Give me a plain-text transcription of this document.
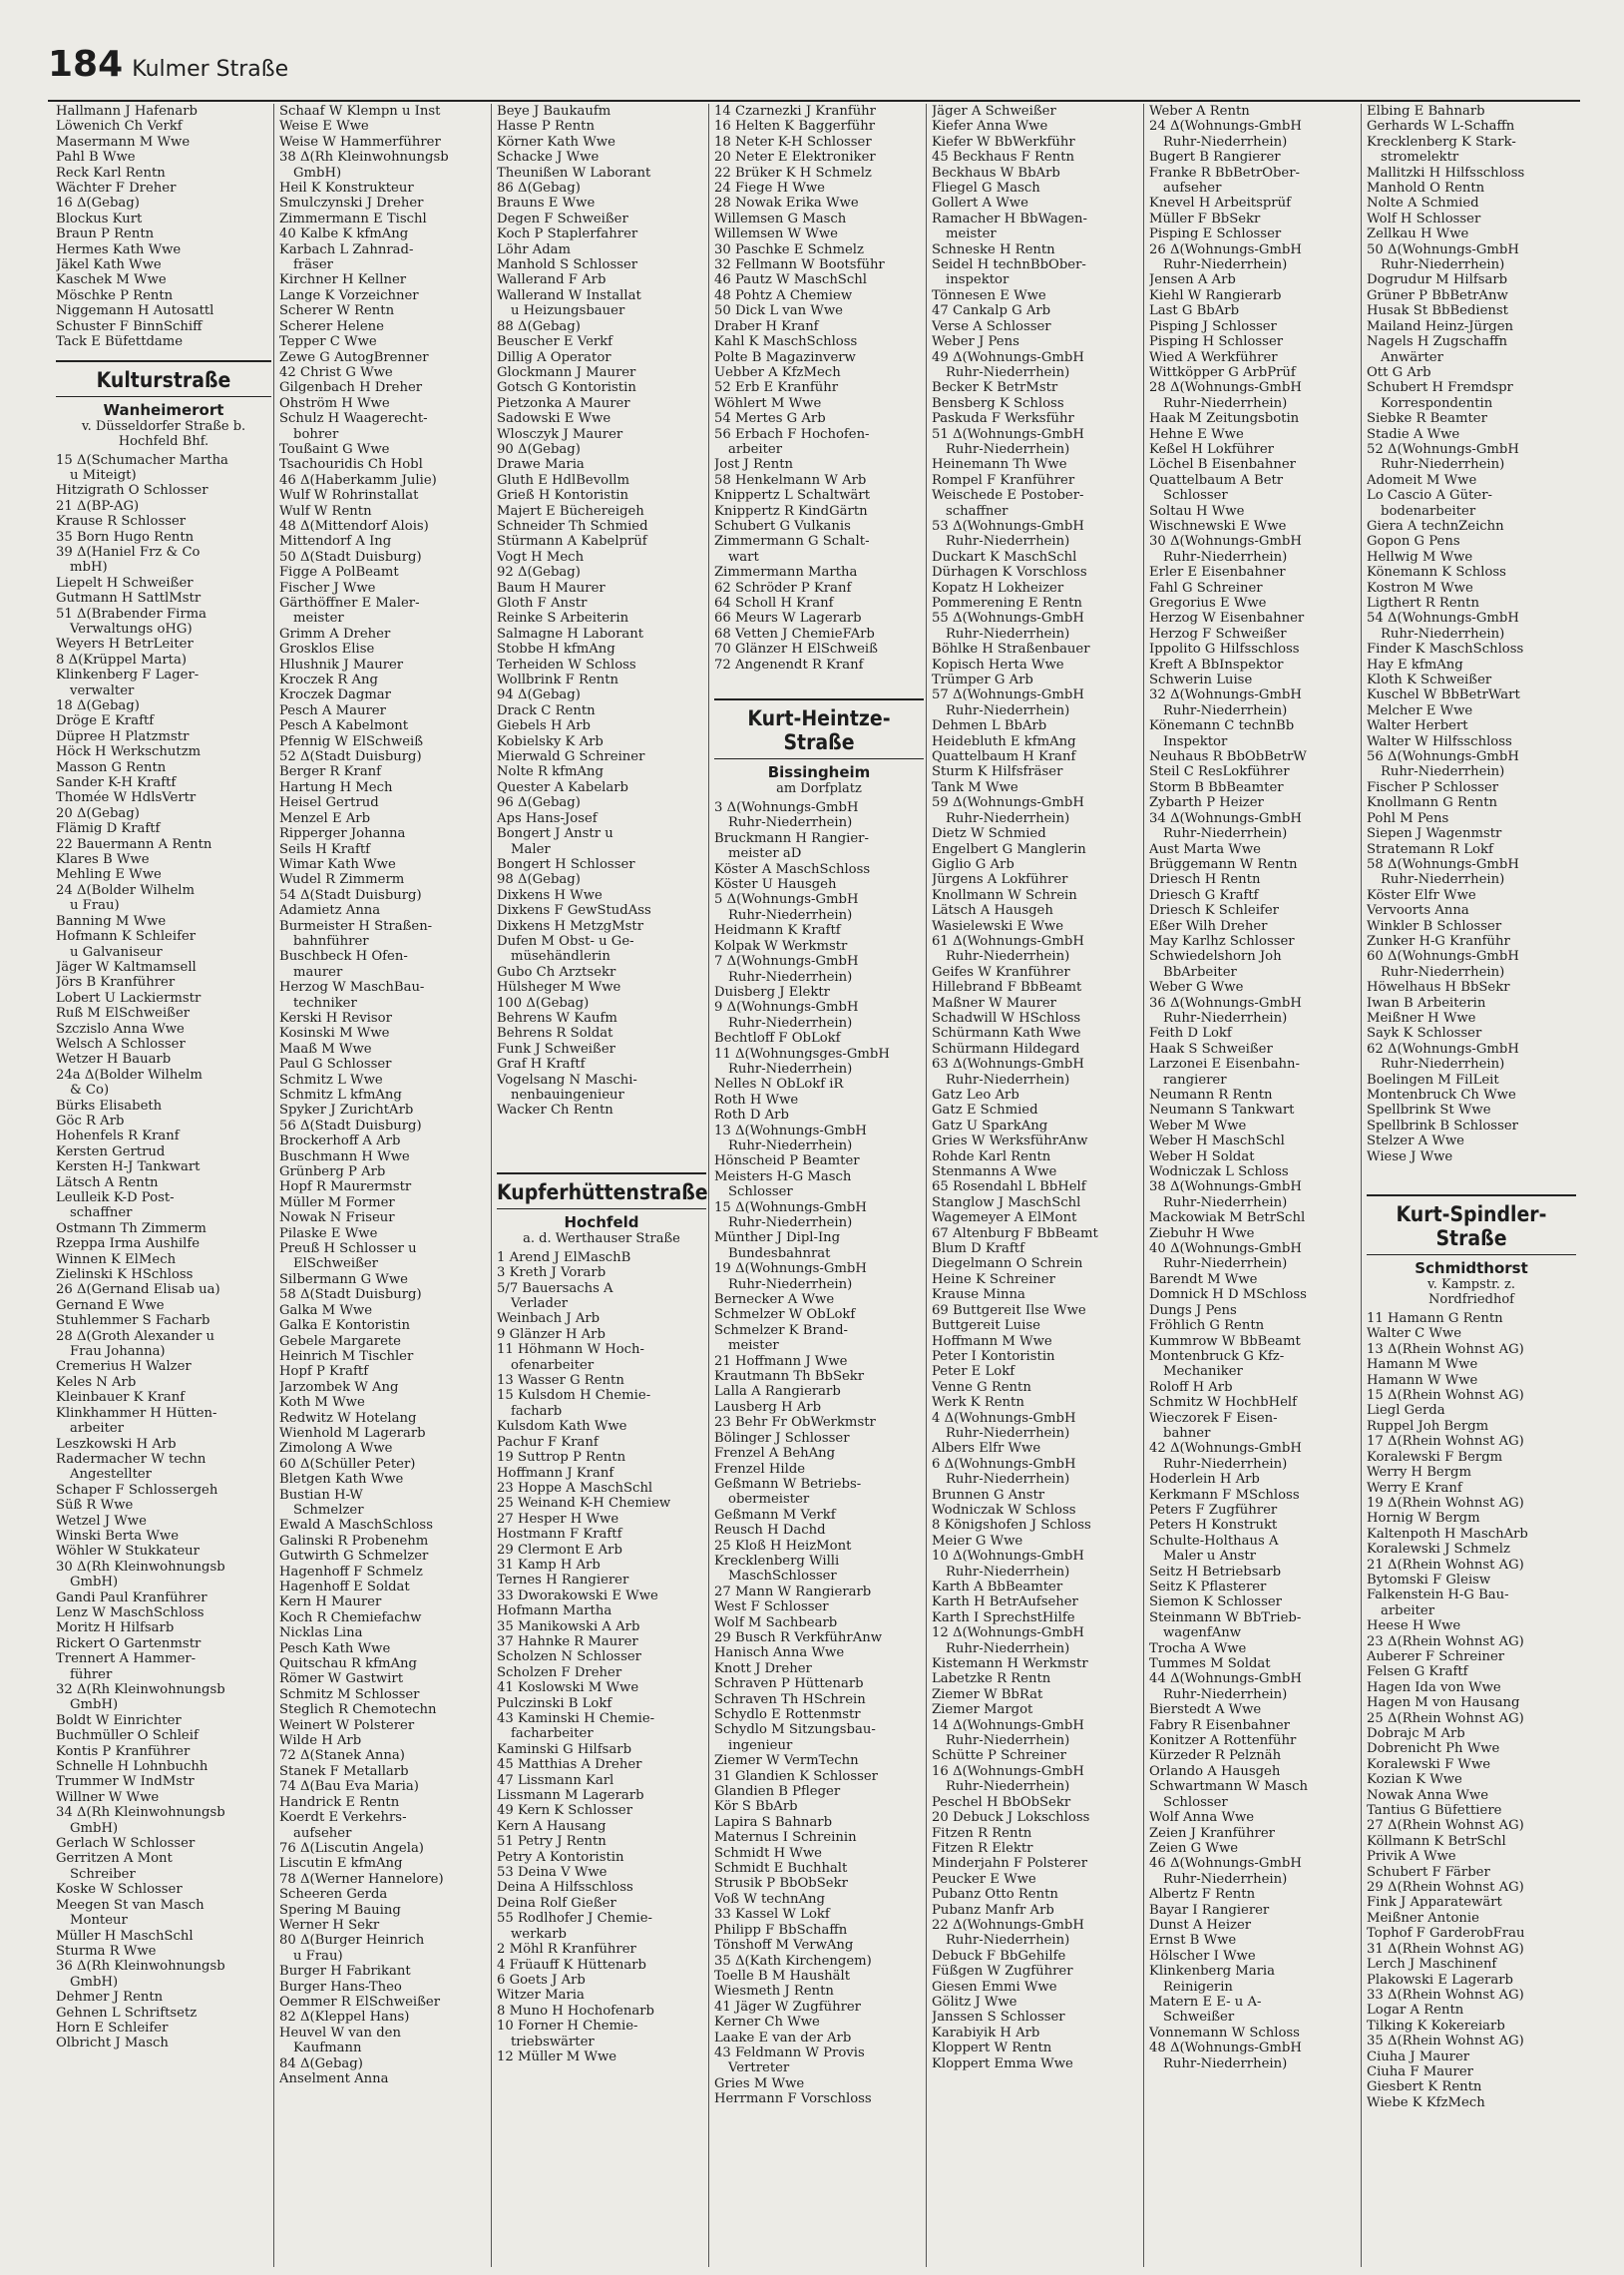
184 Kulmer Straße
Hallmann J Hafenarb
Löwenich Ch Verkf
Masermann M Wwe
Pahl B Wwe
Reck Karl Rentn
Wächter F Dreher
16 Δ(Gebag)
Blockus Kurt
Braun P Rentn
Hermes Kath Wwe
Jäkel Kath Wwe
Kaschek M Wwe
Möschke P Rentn
Niggemann H Autosattl
Schuster F BinnSchiff
Tack E Büfettdame
Kulturstraße
Wanheimerort
v. Düsseldorfer Straße b.
Hochfeld Bhf.
15 Δ(Schumacher Martha
u Miteigt)
Hitzigrath O Schlosser
21 Δ(BP-AG)
Krause R Schlosser
35 Born Hugo Rentn
39 Δ(Haniel Frz & Co
mbH)
Liepelt H Schweißer
Gutmann H SattlMstr
51 Δ(Brabender Firma
Verwaltungs oHG)
Weyers H BetrLeiter
8 Δ(Krüppel Marta)
Klinkenberg F Lager-
verwalter
18 Δ(Gebag)
Dröge E Kraftf
Düpree H Platzmstr
Höck H Werkschutzm
Masson G Rentn
Sander K-H Kraftf
Thomée W HdlsVertr
20 Δ(Gebag)
Flämig D Kraftf
22 Bauermann A Rentn
Klares B Wwe
Mehling E Wwe
24 Δ(Bolder Wilhelm
u Frau)
Banning M Wwe
Hofmann K Schleifer
u Galvaniseur
Jäger W Kaltmamsell
Jörs B Kranführer
Lobert U Lackiermstr
Ruß M ElSchweißer
Szczislo Anna Wwe
Welsch A Schlosser
Wetzer H Bauarb
24a Δ(Bolder Wilhelm
& Co)
Bürks Elisabeth
Göc R Arb
Hohenfels R Kranf
Kersten Gertrud
Kersten H-J Tankwart
Lätsch A Rentn
Leulleik K-D Post-
schaffner
Ostmann Th Zimmerm
Rzeppa Irma Aushilfe
Winnen K ElMech
Zielinski K HSchloss
26 Δ(Gernand Elisab ua)
Gernand E Wwe
Stuhlemmer S Facharb
28 Δ(Groth Alexander u
Frau Johanna)
Cremerius H Walzer
Keles N Arb
Kleinbauer K Kranf
Klinkhammer H Hütten-
arbeiter
Leszkowski H Arb
Radermacher W techn
Angestellter
Schaper F Schlossergeh
Süß R Wwe
Wetzel J Wwe
Winski Berta Wwe
Wöhler W Stukkateur
30 Δ(Rh Kleinwohnungsb
GmbH)
Gandi Paul Kranführer
Lenz W MaschSchloss
Moritz H Hilfsarb
Rickert O Gartenmstr
Trennert A Hammer-
führer
32 Δ(Rh Kleinwohnungsb
GmbH)
Boldt W Einrichter
Buchmüller O Schleif
Kontis P Kranführer
Schnelle H Lohnbuchh
Trummer W IndMstr
Willner W Wwe
34 Δ(Rh Kleinwohnungsb
GmbH)
Gerlach W Schlosser
Gerritzen A Mont
Schreiber
Koske W Schlosser
Meegen St van Masch
Monteur
Müller H MaschSchl
Sturma R Wwe
36 Δ(Rh Kleinwohnungsb
GmbH)
Dehmer J Rentn
Gehnen L Schriftsetz
Horn E Schleifer
Olbricht J Masch
Schaaf W Klempn u Inst
Weise E Wwe
Weise W Hammerführer
38 Δ(Rh Kleinwohnungsb
GmbH)
Heil K Konstrukteur
Smulczynski J Dreher
Zimmermann E Tischl
40 Kalbe K kfmAng
Karbach L Zahnrad-
fräser
Kirchner H Kellner
Lange K Vorzeichner
Scherer W Rentn
Scherer Helene
Tepper C Wwe
Zewe G AutogBrenner
42 Christ G Wwe
Gilgenbach H Dreher
Ohström H Wwe
Schulz H Waagerecht-
bohrer
Toußaint G Wwe
Tsachouridis Ch Hobl
46 Δ(Haberkamm Julie)
Wulf W Rohrinstallat
Wulf W Rentn
48 Δ(Mittendorf Alois)
Mittendorf A Ing
50 Δ(Stadt Duisburg)
Figge A PolBeamt
Fischer J Wwe
Gärthöffner E Maler-
meister
Grimm A Dreher
Grosklos Elise
Hlushnik J Maurer
Kroczek R Ang
Kroczek Dagmar
Pesch A Maurer
Pesch A Kabelmont
Pfennig W ElSchweiß
52 Δ(Stadt Duisburg)
Berger R Kranf
Hartung H Mech
Heisel Gertrud
Menzel E Arb
Ripperger Johanna
Seils H Kraftf
Wimar Kath Wwe
Wudel R Zimmerm
54 Δ(Stadt Duisburg)
Adamietz Anna
Burmeister H Straßen-
bahnführer
Buschbeck H Ofen-
maurer
Herzog W MaschBau-
techniker
Kerski H Revisor
Kosinski M Wwe
Maaß M Wwe
Paul G Schlosser
Schmitz L Wwe
Schmitz L kfmAng
Spyker J ZurichtArb
56 Δ(Stadt Duisburg)
Brockerhoff A Arb
Buschmann H Wwe
Grünberg P Arb
Hopf R Maurermstr
Müller M Former
Nowak N Friseur
Pilaske E Wwe
Preuß H Schlosser u
ElSchweißer
Silbermann G Wwe
58 Δ(Stadt Duisburg)
Galka M Wwe
Galka E Kontoristin
Gebele Margarete
Heinrich M Tischler
Hopf P Kraftf
Jarzombek W Ang
Koth M Wwe
Redwitz W Hotelang
Wienhold M Lagerarb
Zimolong A Wwe
60 Δ(Schüller Peter)
Bletgen Kath Wwe
Bustian H-W
Schmelzer
Ewald A MaschSchloss
Galinski R Probenehm
Gutwirth G Schmelzer
Hagenhoff F Schmelz
Hagenhoff E Soldat
Kern H Maurer
Koch R Chemiefachw
Nicklas Lina
Pesch Kath Wwe
Quitschau R kfmAng
Römer W Gastwirt
Schmitz M Schlosser
Steglich R Chemotechn
Weinert W Polsterer
Wilde H Arb
72 Δ(Stanek Anna)
Stanek F Metallarb
74 Δ(Bau Eva Maria)
Handrick E Rentn
Koerdt E Verkehrs-
aufseher
76 Δ(Liscutin Angela)
Liscutin E kfmAng
78 Δ(Werner Hannelore)
Scheeren Gerda
Spering M Bauing
Werner H Sekr
80 Δ(Burger Heinrich
u Frau)
Burger H Fabrikant
Burger Hans-Theo
Oemmer R ElSchweißer
82 Δ(Kleppel Hans)
Heuvel W van den
Kaufmann
84 Δ(Gebag)
Anselment Anna
Beye J Baukaufm
Hasse P Rentn
Körner Kath Wwe
Schacke J Wwe
Theunißen W Laborant
86 Δ(Gebag)
Brauns E Wwe
Degen F Schweißer
Koch P Staplerfahrer
Löhr Adam
Manhold S Schlosser
Wallerand F Arb
Wallerand W Installat
u Heizungsbauer
88 Δ(Gebag)
Beuscher E Verkf
Dillig A Operator
Glockmann J Maurer
Gotsch G Kontoristin
Pietzonka A Maurer
Sadowski E Wwe
Wlosczyk J Maurer
90 Δ(Gebag)
Drawe Maria
Gluth E HdlBevollm
Grieß H Kontoristin
Majert E Büchereigeh
Schneider Th Schmied
Stürmann A Kabelprüf
Vogt H Mech
92 Δ(Gebag)
Baum H Maurer
Gloth F Anstr
Reinke S Arbeiterin
Salmagne H Laborant
Stobbe H kfmAng
Terheiden W Schloss
Wollbrink F Rentn
94 Δ(Gebag)
Drack C Rentn
Giebels H Arb
Kobielsky K Arb
Mierwald G Schreiner
Nolte R kfmAng
Quester A Kabelarb
96 Δ(Gebag)
Aps Hans-Josef
Bongert J Anstr u
Maler
Bongert H Schlosser
98 Δ(Gebag)
Dixkens H Wwe
Dixkens F GewStudAss
Dixkens H MetzgMstr
Dufen M Obst- u Ge-
müsehändlerin
Gubo Ch Arztsekr
Hülsheger M Wwe
100 Δ(Gebag)
Behrens W Kaufm
Behrens R Soldat
Funk J Schweißer
Graf H Kraftf
Vogelsang N Maschi-
nenbauingenieur
Wacker Ch Rentn
Kupferhüttenstraße
Hochfeld
a. d. Werthauser Straße
1 Arend J ElMaschB
3 Kreth J Vorarb
5/7 Bauersachs A
Verlader
Weinbach J Arb
9 Glänzer H Arb
11 Höhmann W Hoch-
ofenarbeiter
13 Wasser G Rentn
15 Kulsdom H Chemie-
facharb
Kulsdom Kath Wwe
Pachur F Kranf
19 Suttrop P Rentn
Hoffmann J Kranf
23 Hoppe A MaschSchl
25 Weinand K-H Chemiew
27 Hesper H Wwe
Hostmann F Kraftf
29 Clermont E Arb
31 Kamp H Arb
Ternes H Rangierer
33 Dworakowski E Wwe
Hofmann Martha
35 Manikowski A Arb
37 Hahnke R Maurer
Scholzen N Schlosser
Scholzen F Dreher
41 Koslowski M Wwe
Pulczinski B Lokf
43 Kaminski H Chemie-
facharbeiter
Kaminski G Hilfsarb
45 Matthias A Dreher
47 Lissmann Karl
Lissmann M Lagerarb
49 Kern K Schlosser
Kern A Hausang
51 Petry J Rentn
Petry A Kontoristin
53 Deina V Wwe
Deina A Hilfsschloss
Deina Rolf Gießer
55 Rodlhofer J Chemie-
werkarb
2 Möhl R Kranführer
4 Früauff K Hüttenarb
6 Goets J Arb
Witzer Maria
8 Muno H Hochofenarb
10 Forner H Chemie-
triebswärter
12 Müller M Wwe
14 Czarnezki J Kranführ
16 Helten K Baggerführ
18 Neter K-H Schlosser
20 Neter E Elektroniker
22 Brüker K H Schmelz
24 Fiege H Wwe
28 Nowak Erika Wwe
Willemsen G Masch
Willemsen W Wwe
30 Paschke E Schmelz
32 Fellmann W Bootsführ
46 Pautz W MaschSchl
48 Pohtz A Chemiew
50 Dick L van Wwe
Draber H Kranf
Kahl K MaschSchloss
Polte B Magazinverw
Uebber A KfzMech
52 Erb E Kranführ
Wöhlert M Wwe
54 Mertes G Arb
56 Erbach F Hochofen-
arbeiter
Jost J Rentn
58 Henkelmann W Arb
Knippertz L Schaltwärt
Knippertz R KindGärtn
Schubert G Vulkanis
Zimmermann G Schalt-
wart
Zimmermann Martha
62 Schröder P Kranf
64 Scholl H Kranf
66 Meurs W Lagerarb
68 Vetten J ChemieFArb
70 Glänzer H ElSchweiß
72 Angenendt R Kranf
Kurt-Heintze-Straße
Bissingheim
am Dorfplatz
3 Δ(Wohnungs-GmbH
Ruhr-Niederrhein)
Bruckmann H Rangier-
meister aD
Köster A MaschSchloss
Köster U Hausgeh
5 Δ(Wohnungs-GmbH
Ruhr-Niederrhein)
Heidmann K Kraftf
Kolpak W Werkmstr
7 Δ(Wohnungs-GmbH
Ruhr-Niederrhein)
Duisberg J Elektr
9 Δ(Wohnungs-GmbH
Ruhr-Niederrhein)
Bechtloff F ObLokf
11 Δ(Wohnungsges-GmbH
Ruhr-Niederrhein)
Nelles N ObLokf iR
Roth H Wwe
Roth D Arb
13 Δ(Wohnungs-GmbH
Ruhr-Niederrhein)
Hönscheid P Beamter
Meisters H-G Masch
Schlosser
15 Δ(Wohnungs-GmbH
Ruhr-Niederrhein)
Münther J Dipl-Ing
Bundesbahnrat
19 Δ(Wohnungs-GmbH
Ruhr-Niederrhein)
Bernecker A Wwe
Schmelzer W ObLokf
Schmelzer K Brand-
meister
21 Hoffmann J Wwe
Krautmann Th BbSekr
Lalla A Rangierarb
Lausberg H Arb
23 Behr Fr ObWerkmstr
Bölinger J Schlosser
Frenzel A BehAng
Frenzel Hilde
Geßmann W Betriebs-
obermeister
Geßmann M Verkf
Reusch H Dachd
25 Kloß H HeizMont
Krecklenberg Willi
MaschSchlosser
27 Mann W Rangierarb
West F Schlosser
Wolf M Sachbearb
29 Busch R VerkführAnw
Hanisch Anna Wwe
Knott J Dreher
Schraven P Hüttenarb
Schraven Th HSchrein
Schydlo E Rottenmstr
Schydlo M Sitzungsbau-
ingenieur
Ziemer W VermTechn
31 Glandien K Schlosser
Glandien B Pfleger
Kör S BbArb
Lapira S Bahnarb
Maternus I Schreinin
Schmidt H Wwe
Schmidt E Buchhalt
Strusik P BbObSekr
Voß W technAng
33 Kassel W Lokf
Philipp F BbSchaffn
Tönshoff M VerwAng
35 Δ(Kath Kirchengem)
Toelle B M Haushält
Wiesmeth J Rentn
41 Jäger W Zugführer
Kerner Ch Wwe
Laake E van der Arb
43 Feldmann W Provis
Vertreter
Gries M Wwe
Herrmann F Vorschloss
Jäger A Schweißer
Kiefer Anna Wwe
Kiefer W BbWerkführ
45 Beckhaus F Rentn
Beckhaus W BbArb
Fliegel G Masch
Gollert A Wwe
Ramacher H BbWagen-
meister
Schneske H Rentn
Seidel H technBbOber-
inspektor
Tönnesen E Wwe
47 Cankalp G Arb
Verse A Schlosser
Weber J Pens
49 Δ(Wohnungs-GmbH
Ruhr-Niederrhein)
Becker K BetrMstr
Bensberg K Schloss
Paskuda F Werksführ
51 Δ(Wohnungs-GmbH
Ruhr-Niederrhein)
Heinemann Th Wwe
Rompel F Kranführer
Weischede E Postober-
schaffner
53 Δ(Wohnungs-GmbH
Ruhr-Niederrhein)
Duckart K MaschSchl
Dürhagen K Vorschloss
Kopatz H Lokheizer
Pommerening E Rentn
55 Δ(Wohnungs-GmbH
Ruhr-Niederrhein)
Böhlke H Straßenbauer
Kopisch Herta Wwe
Trümper G Arb
57 Δ(Wohnungs-GmbH
Ruhr-Niederrhein)
Dehmen L BbArb
Heidebluth E kfmAng
Quattelbaum H Kranf
Sturm K Hilfsfräser
Tank M Wwe
59 Δ(Wohnungs-GmbH
Ruhr-Niederrhein)
Dietz W Schmied
Engelbert G Manglerin
Giglio G Arb
Jürgens A Lokführer
Knollmann W Schrein
Lätsch A Hausgeh
Wasielewski E Wwe
61 Δ(Wohnungs-GmbH
Ruhr-Niederrhein)
Geifes W Kranführer
Hillebrand F BbBeamt
Maßner W Maurer
Schadwill W HSchloss
Schürmann Kath Wwe
Schürmann Hildegard
63 Δ(Wohnungs-GmbH
Ruhr-Niederrhein)
Gatz Leo Arb
Gatz E Schmied
Gatz U SparkAng
Gries W WerksführAnw
Rohde Karl Rentn
Stenmanns A Wwe
65 Rosendahl L BbHelf
Stanglow J MaschSchl
Wagemeyer A ElMont
67 Altenburg F BbBeamt
Blum D Kraftf
Diegelmann O Schrein
Heine K Schreiner
Krause Minna
69 Buttgereit Ilse Wwe
Buttgereit Luise
Hoffmann M Wwe
Peter I Kontoristin
Peter E Lokf
Venne G Rentn
Werk K Rentn
4 Δ(Wohnungs-GmbH
Ruhr-Niederrhein)
Albers Elfr Wwe
6 Δ(Wohnungs-GmbH
Ruhr-Niederrhein)
Brunnen G Anstr
Wodniczak W Schloss
8 Königshofen J Schloss
Meier G Wwe
10 Δ(Wohnungs-GmbH
Ruhr-Niederrhein)
Karth A BbBeamter
Karth H BetrAufseher
Karth I SprechstHilfe
12 Δ(Wohnungs-GmbH
Ruhr-Niederrhein)
Kistemann H Werkmstr
Labetzke R Rentn
Ziemer W BbRat
Ziemer Margot
14 Δ(Wohnungs-GmbH
Ruhr-Niederrhein)
Schütte P Schreiner
16 Δ(Wohnungs-GmbH
Ruhr-Niederrhein)
Peschel H BbObSekr
20 Debuck J Lokschloss
Fitzen R Rentn
Fitzen R Elektr
Minderjahn F Polsterer
Peucker E Wwe
Pubanz Otto Rentn
Pubanz Manfr Arb
22 Δ(Wohnungs-GmbH
Ruhr-Niederrhein)
Debuck F BbGehilfe
Füßgen W Zugführer
Giesen Emmi Wwe
Gölitz J Wwe
Janssen S Schlosser
Karabiyik H Arb
Kloppert W Rentn
Kloppert Emma Wwe
Weber A Rentn
24 Δ(Wohnungs-GmbH
Ruhr-Niederrhein)
Bugert B Rangierer
Franke R BbBetrOber-
aufseher
Knevel H Arbeitsprüf
Müller F BbSekr
Pisping E Schlosser
26 Δ(Wohnungs-GmbH
Ruhr-Niederrhein)
Jensen A Arb
Kiehl W Rangierarb
Last G BbArb
Pisping J Schlosser
Pisping H Schlosser
Wied A Werkführer
Wittköpper G ArbPrüf
28 Δ(Wohnungs-GmbH
Ruhr-Niederrhein)
Haak M Zeitungsbotin
Hehne E Wwe
Keßel H Lokführer
Löchel B Eisenbahner
Quattelbaum A Betr
Schlosser
Soltau H Wwe
Wischnewski E Wwe
30 Δ(Wohnungs-GmbH
Ruhr-Niederrhein)
Erler E Eisenbahner
Fahl G Schreiner
Gregorius E Wwe
Herzog W Eisenbahner
Herzog F Schweißer
Ippolito G Hilfsschloss
Kreft A BbInspektor
Schwerin Luise
32 Δ(Wohnungs-GmbH
Ruhr-Niederrhein)
Könemann C technBb
Inspektor
Neuhaus R BbObBetrW
Steil C ResLokführer
Storm B BbBeamter
Zybarth P Heizer
34 Δ(Wohnungs-GmbH
Ruhr-Niederrhein)
Aust Marta Wwe
Brüggemann W Rentn
Driesch H Rentn
Driesch G Kraftf
Driesch K Schleifer
Eßer Wilh Dreher
May Karlhz Schlosser
Schwiedelshorn Joh
BbArbeiter
Weber G Wwe
36 Δ(Wohnungs-GmbH
Ruhr-Niederrhein)
Feith D Lokf
Haak S Schweißer
Larzonei E Eisenbahn-
rangierer
Neumann R Rentn
Neumann S Tankwart
Weber M Wwe
Weber H MaschSchl
Weber H Soldat
Wodniczak L Schloss
38 Δ(Wohnungs-GmbH
Ruhr-Niederrhein)
Mackowiak M BetrSchl
Ziebuhr H Wwe
40 Δ(Wohnungs-GmbH
Ruhr-Niederrhein)
Barendt M Wwe
Domnick H D MSchloss
Dungs J Pens
Fröhlich G Rentn
Kummrow W BbBeamt
Montenbruck G Kfz-
Mechaniker
Roloff H Arb
Schmitz W HochbHelf
Wieczorek F Eisen-
bahner
42 Δ(Wohnungs-GmbH
Ruhr-Niederrhein)
Hoderlein H Arb
Kerkmann F MSchloss
Peters F Zugführer
Peters H Konstrukt
Schulte-Holthaus A
Maler u Anstr
Seitz H Betriebsarb
Seitz K Pflasterer
Siemon K Schlosser
Steinmann W BbTrieb-
wagenfAnw
Trocha A Wwe
Tummes M Soldat
44 Δ(Wohnungs-GmbH
Ruhr-Niederrhein)
Bierstedt A Wwe
Fabry R Eisenbahner
Konitzer A Rottenführ
Kürzeder R Pelznäh
Orlando A Hausgeh
Schwartmann W Masch
Schlosser
Wolf Anna Wwe
Zeien J Kranführer
Zeien G Wwe
46 Δ(Wohnungs-GmbH
Ruhr-Niederrhein)
Albertz F Rentn
Bayar I Rangierer
Dunst A Heizer
Ernst B Wwe
Hölscher I Wwe
Klinkenberg Maria
Reinigerin
Matern E E- u A-
Schweißer
Vonnemann W Schloss
48 Δ(Wohnungs-GmbH
Ruhr-Niederrhein)
Elbing E Bahnarb
Gerhards W L-Schaffn
Krecklenberg K Stark-
stromelektr
Mallitzki H Hilfsschloss
Manhold O Rentn
Nolte A Schmied
Wolf H Schlosser
Zellkau H Wwe
50 Δ(Wohnungs-GmbH
Ruhr-Niederrhein)
Dogrudur M Hilfsarb
Grüner P BbBetrAnw
Husak St BbBedienst
Mailand Heinz-Jürgen
Nagels H Zugschaffn
Anwärter
Ott G Arb
Schubert H Fremdspr
Korrespondentin
Siebke R Beamter
Stadie A Wwe
52 Δ(Wohnungs-GmbH
Ruhr-Niederrhein)
Adomeit M Wwe
Lo Cascio A Güter-
bodenarbeiter
Giera A technZeichn
Gopon G Pens
Hellwig M Wwe
Könemann K Schloss
Kostron M Wwe
Ligthert R Rentn
54 Δ(Wohnungs-GmbH
Ruhr-Niederrhein)
Finder K MaschSchloss
Hay E kfmAng
Kloth K Schweißer
Kuschel W BbBetrWart
Melcher E Wwe
Walter Herbert
Walter W Hilfsschloss
56 Δ(Wohnungs-GmbH
Ruhr-Niederrhein)
Fischer P Schlosser
Knollmann G Rentn
Pohl M Pens
Siepen J Wagenmstr
Stratemann R Lokf
58 Δ(Wohnungs-GmbH
Ruhr-Niederrhein)
Köster Elfr Wwe
Vervoorts Anna
Winkler B Schlosser
Zunker H-G Kranführ
60 Δ(Wohnungs-GmbH
Ruhr-Niederrhein)
Höwelhaus H BbSekr
Iwan B Arbeiterin
Meißner H Wwe
Sayk K Schlosser
62 Δ(Wohnungs-GmbH
Ruhr-Niederrhein)
Boelingen M FilLeit
Montenbruck Ch Wwe
Spellbrink St Wwe
Spellbrink B Schlosser
Stelzer A Wwe
Wiese J Wwe
Kurt-Spindler-Straße
Schmidthorst
v. Kampstr. z.
Nordfriedhof
11 Hamann G Rentn
Walter C Wwe
13 Δ(Rhein Wohnst AG)
Hamann M Wwe
Hamann W Wwe
15 Δ(Rhein Wohnst AG)
Liegl Gerda
Ruppel Joh Bergm
17 Δ(Rhein Wohnst AG)
Koralewski F Bergm
Werry H Bergm
Werry E Kranf
19 Δ(Rhein Wohnst AG)
Hornig W Bergm
Kaltenpoth H MaschArb
Koralewski J Schmelz
21 Δ(Rhein Wohnst AG)
Bytomski F Gleisw
Falkenstein H-G Bau-
arbeiter
Heese H Wwe
23 Δ(Rhein Wohnst AG)
Auberer F Schreiner
Felsen G Kraftf
Hagen Ida von Wwe
Hagen M von Hausang
25 Δ(Rhein Wohnst AG)
Dobrajc M Arb
Dobrenicht Ph Wwe
Koralewski F Wwe
Kozian K Wwe
Nowak Anna Wwe
Tantius G Büfettiere
27 Δ(Rhein Wohnst AG)
Köllmann K BetrSchl
Privik A Wwe
Schubert F Färber
29 Δ(Rhein Wohnst AG)
Fink J Apparatewärt
Meißner Antonie
Tophof F GarderobFrau
31 Δ(Rhein Wohnst AG)
Lerch J Maschinenf
Plakowski E Lagerarb
33 Δ(Rhein Wohnst AG)
Logar A Rentn
Tilking K Kokereiarb
35 Δ(Rhein Wohnst AG)
Ciuha J Maurer
Ciuha F Maurer
Giesbert K Rentn
Wiebe K KfzMech
